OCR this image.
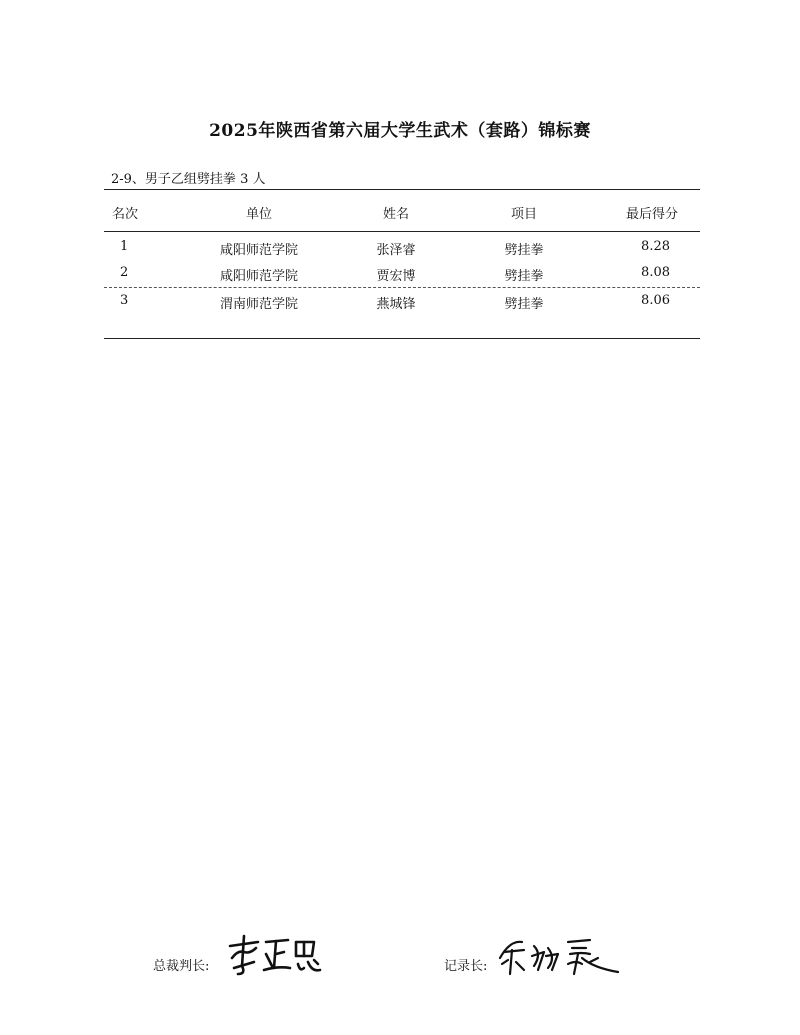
2025年陕西省第六届大学生武术（套路）锦标赛
2-9、男子乙组劈挂拳 3 人
名次	单位	姓名	项目	最后得分
1	咸阳师范学院	张泽睿	劈挂拳	8.28
2	咸阳师范学院	贾宏博	劈挂拳	8.08
3	渭南师范学院	燕城锋	劈挂拳	8.06
总裁判长:	记录长:
